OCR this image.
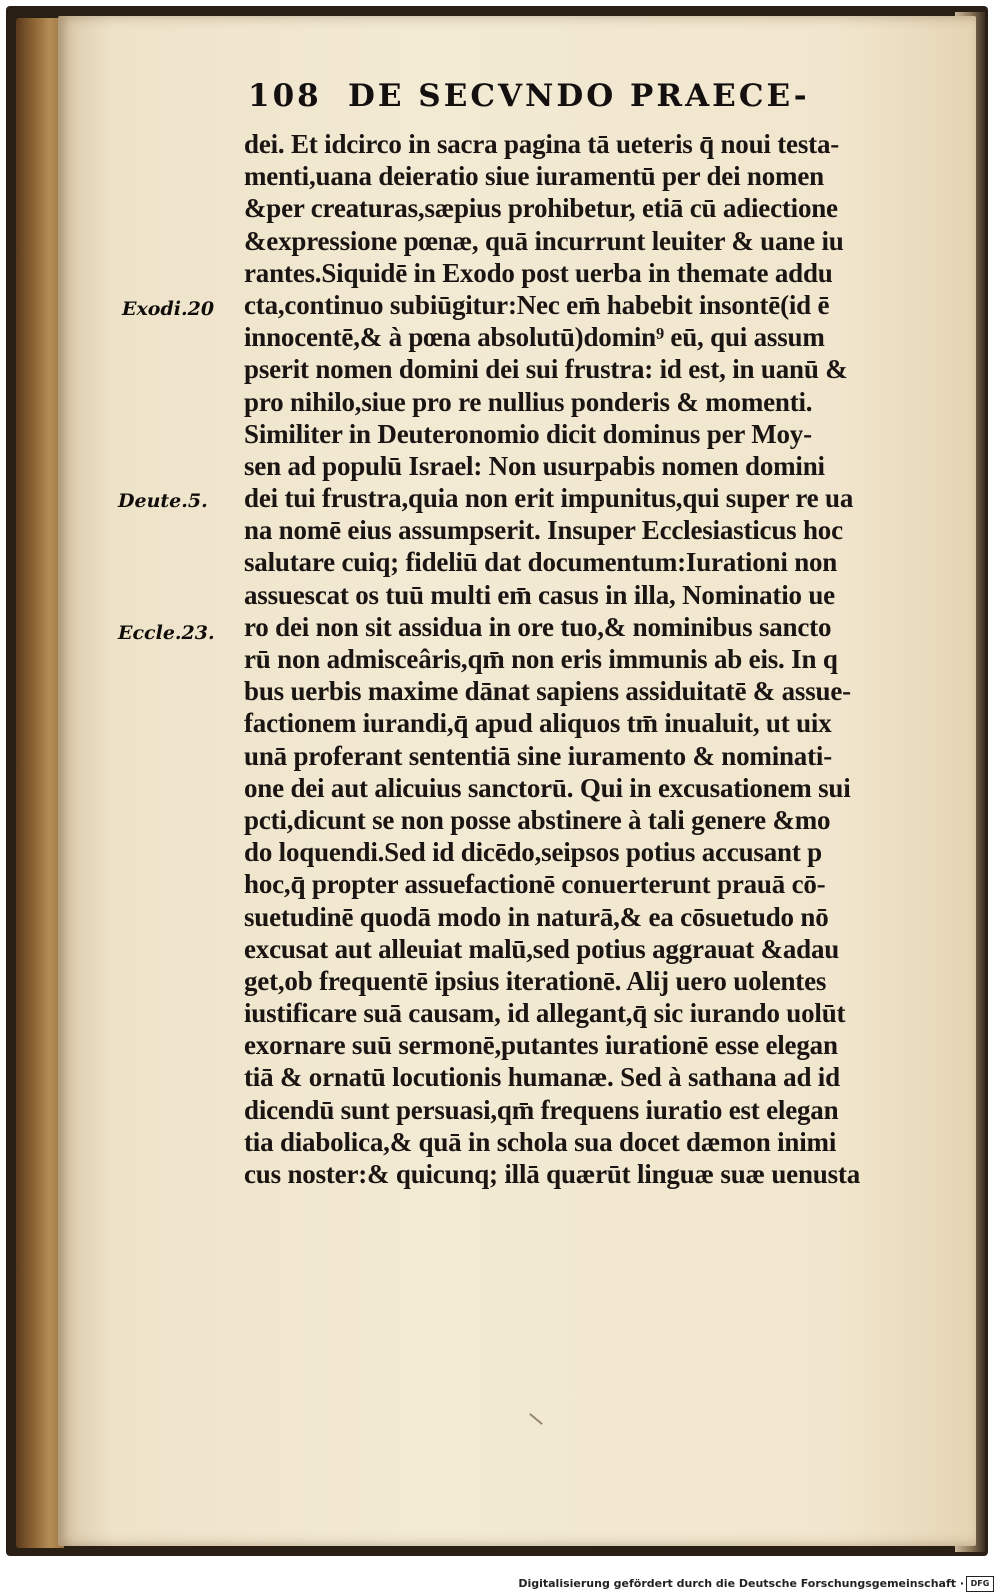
108 DE SECVNDO PRAECE-
Exodi.20
Deute.5.
Eccle.23.
dei. Et idcirco in sacra pagina tā ueteris q̄ noui testa-
menti,uana deieratio siue iuramentū per dei nomen
&per creaturas,sæpius prohibetur, etiā cū adiectione
&expressione pœnæ, quā incurrunt leuiter & uane iu
rantes.Siquidē in Exodo post uerba in themate addu
cta,continuo subiūgitur:Nec em̄ habebit insontē(id ē
innocentē,& à pœna absolutū)domin⁹ eū, qui assum
pserit nomen domini dei sui frustra: id est, in uanū &
pro nihilo,siue pro re nullius ponderis & momenti.
Similiter in Deuteronomio dicit dominus per Moy-
sen ad populū Israel: Non usurpabis nomen domini
dei tui frustra,quia non erit impunitus,qui super re ua
na nomē eius assumpserit. Insuper Ecclesiasticus hoc
salutare cuiq; fideliū dat documentum:Iurationi non
assuescat os tuū multi em̄ casus in illa, Nominatio ue
ro dei non sit assidua in ore tuo,& nominibus sancto
rū non admisceâris,qm̄ non eris immunis ab eis. In q
bus uerbis maxime dānat sapiens assiduitatē & assue-
factionem iurandi,q̄ apud aliquos tm̄ inualuit, ut uix
unā proferant sententiā sine iuramento & nominati-
one dei aut alicuius sanctorū. Qui in excusationem sui
pcti,dicunt se non posse abstinere à tali genere &mo
do loquendi.Sed id dicēdo,seipsos potius accusant p
hoc,q̄ propter assuefactionē conuerterunt prauā cō-
suetudinē quodā modo in naturā,& ea cōsuetudo nō
excusat aut alleuiat malū,sed potius aggrauat &adau
get,ob frequentē ipsius iterationē. Alij uero uolentes
iustificare suā causam, id allegant,q̄ sic iurando uolūt
exornare suū sermonē,putantes iurationē esse elegan
tiā & ornatū locutionis humanæ. Sed à sathana ad id
dicendū sunt persuasi,qm̄ frequens iuratio est elegan
tia diabolica,& quā in schola sua docet dæmon inimi
cus noster:& quicunq; illā quærūt linguæ suæ uenusta
Digitalisierung gefördert durch die Deutsche Forschungsgemeinschaft · DFG
